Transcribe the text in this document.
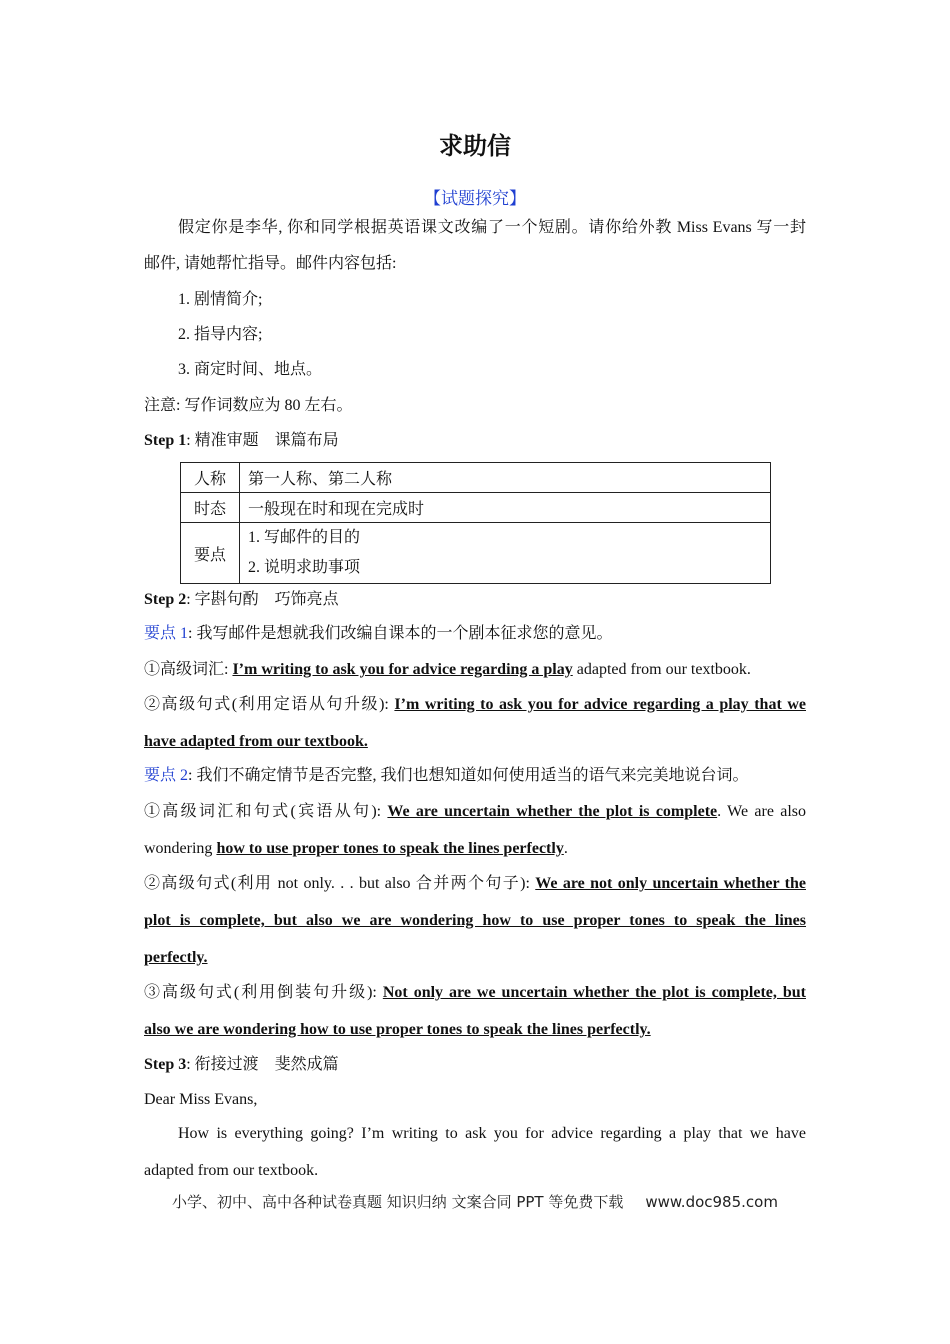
求助信
【试题探究】
假定你是李华, 你和同学根据英语课文改编了一个短剧。请你给外教 Miss Evans 写一封
邮件, 请她帮忙指导。邮件内容包括:
1. 剧情简介;
2. 指导内容;
3. 商定时间、地点。
注意: 写作词数应为 80 左右。
Step 1: 精准审题　课篇布局
人称	第一人称、第二人称
时态	一般现在时和现在完成时
要点	1. 写邮件的目的
2. 说明求助事项
Step 2: 字斟句酌　巧饰亮点
要点 1: 我写邮件是想就我们改编自课本的一个剧本征求您的意见。
①高级词汇: I’m writing to ask you for advice regarding a play adapted from our textbook.
②高级句式(利用定语从句升级): I’m writing to ask you for advice regarding a play that we
have adapted from our textbook.
要点 2: 我们不确定情节是否完整, 我们也想知道如何使用适当的语气来完美地说台词。
①高级词汇和句式(宾语从句): We are uncertain whether the plot is complete. We are also
wondering how to use proper tones to speak the lines perfectly.
②高级句式(利用 not only. . . but also 合并两个句子): We are not only uncertain whether the
plot is complete, but also we are wondering how to use proper tones to speak the lines
perfectly.
③高级句式(利用倒装句升级): Not only are we uncertain whether the plot is complete, but
also we are wondering how to use proper tones to speak the lines perfectly.
Step 3: 衔接过渡　斐然成篇
Dear Miss Evans,
How is everything going? I’m writing to ask you for advice regarding a play that we have
adapted from our textbook.
小学、初中、高中各种试卷真题 知识归纳 文案合同 PPT 等免费下载 www.doc985.com
